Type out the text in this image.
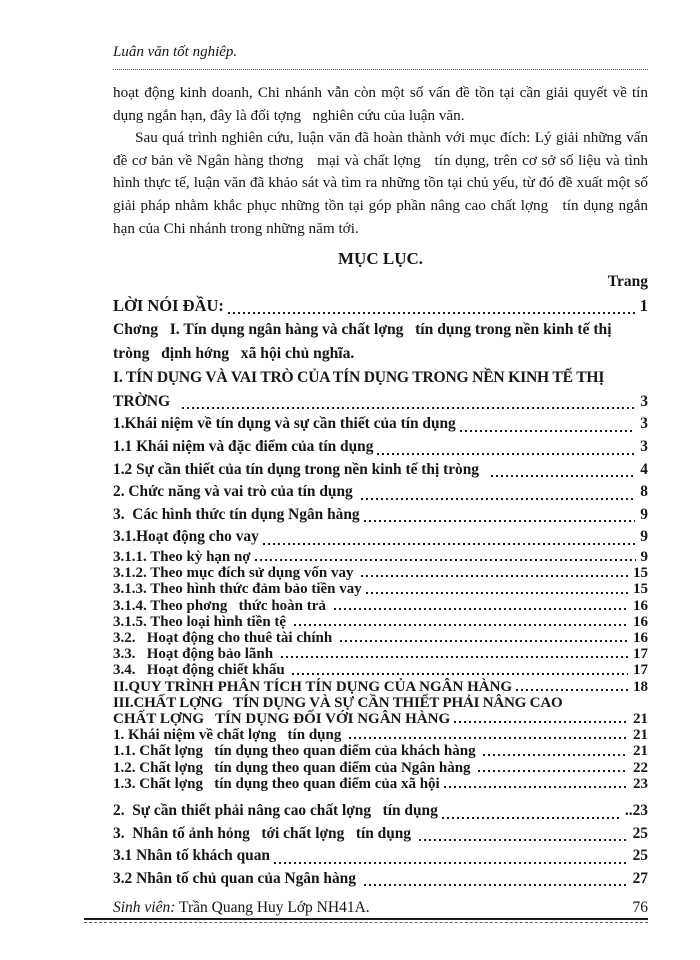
Luân văn tốt nghiêp.

hoạt động kinh doanh, Chi nhánh vẫn còn một số vấn đề tồn tại cần giải quyết về tín dụng ngắn hạn, đây là đối tợng   nghiên cứu của luận văn.

Sau quá trình nghiên cứu, luận văn đã hoàn thành với mục đích: Lý giải những vấn đề cơ bản về Ngân hàng thơng   mại và chất lợng   tín dụng, trên cơ sở số liệu và tình hình thực tế, luận văn đã khảo sát và tìm ra những tồn tại chủ yếu, từ đó đề xuất một số giải pháp nhằm khắc phục những tồn tại góp phần nâng cao chất lợng   tín dụng ngắn hạn của Chi nhánh trong những năm tới.

MỤC LỤC.
Trang
LỜI NÓI ĐẦU:	1
Chơng   I. Tín dụng ngân hàng và chất lợng   tín dụng trong nền kinh tế thị
tròng   định hớng   xã hội chủ nghĩa.
I. TÍN DỤNG VÀ VAI TRÒ CỦA TÍN DỤNG TRONG NỀN KINH TẾ THỊ
TRỜNG	3
1.Khái niệm về tín dụng và sự cần thiết của tín dụng	3
1.1 Khái niệm và đặc điểm của tín dụng	3
1.2 Sự cần thiết của tín dụng trong nền kinh tế thị tròng	4
2. Chức năng và vai trò của tín dụng	8
3.  Các hình thức tín dụng Ngân hàng	9
3.1.Hoạt động cho vay	9
3.1.1. Theo kỳ hạn nợ	9
3.1.2. Theo mục đích sử dụng vốn vay	15
3.1.3. Theo hình thức đảm bảo tiền vay	15
3.1.4. Theo phơng   thức hoàn trả	16
3.1.5. Theo loại hình tiền tệ	16
3.2.   Hoạt động cho thuê tài chính	16
3.3.   Hoạt động bảo lãnh	17
3.4.   Hoạt động chiết khấu	17
II.QUY TRÌNH PHÂN TÍCH TÍN DỤNG CỦA NGÂN HÀNG	18
III.CHẤT LỢNG   TÍN DỤNG VÀ SỰ CẦN THIẾT PHẢI NÂNG CAO
CHẤT LỢNG   TÍN DỤNG ĐỐI VỚI NGÂN HÀNG	21
1. Khái niệm về chất lợng   tín dụng	21
1.1. Chất lợng   tín dụng theo quan điểm của khách hàng	21
1.2. Chất lợng   tín dụng theo quan điểm của Ngân hàng	22
1.3. Chất lợng   tín dụng theo quan điểm của xã hội	23
2.  Sự cần thiết phải nâng cao chất lợng   tín dụng	..23
3.  Nhân tố ảnh hỏng   tới chất lợng   tín dụng	25
3.1 Nhân tố khách quan	25
3.2 Nhân tố chủ quan của Ngân hàng	27
Sinh viên: Trần Quang Huy Lớp NH41A.	76
